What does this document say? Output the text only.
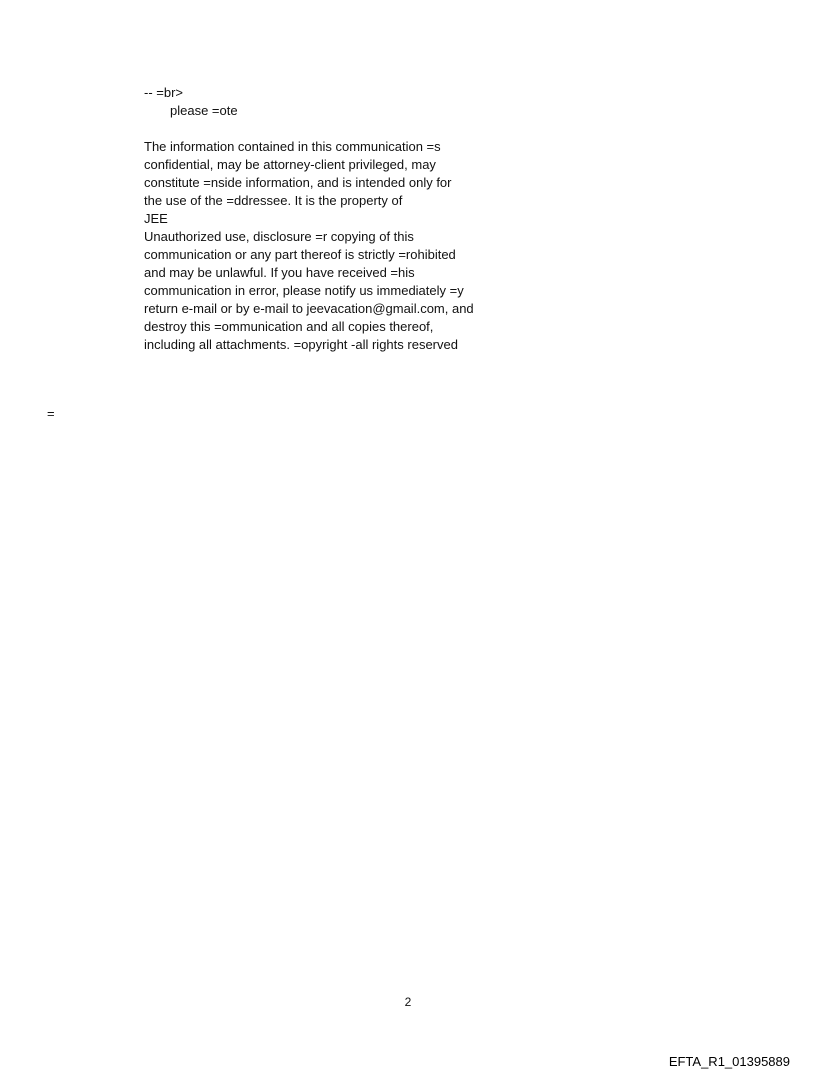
-- =br>
please =ote
The information contained in this communication =s
confidential, may be attorney-client privileged, may
constitute =nside information, and is intended only for
the use of the =ddressee. It is the property of
JEE
Unauthorized use, disclosure =r copying of this
communication or any part thereof is strictly =rohibited
and may be unlawful. If you have received =his
communication in error, please notify us immediately =y
return e-mail or by e-mail to jeevacation@gmail.com, and
destroy this =ommunication and all copies thereof,
including all attachments. =opyright -all rights reserved
=
2
EFTA_R1_01395889
